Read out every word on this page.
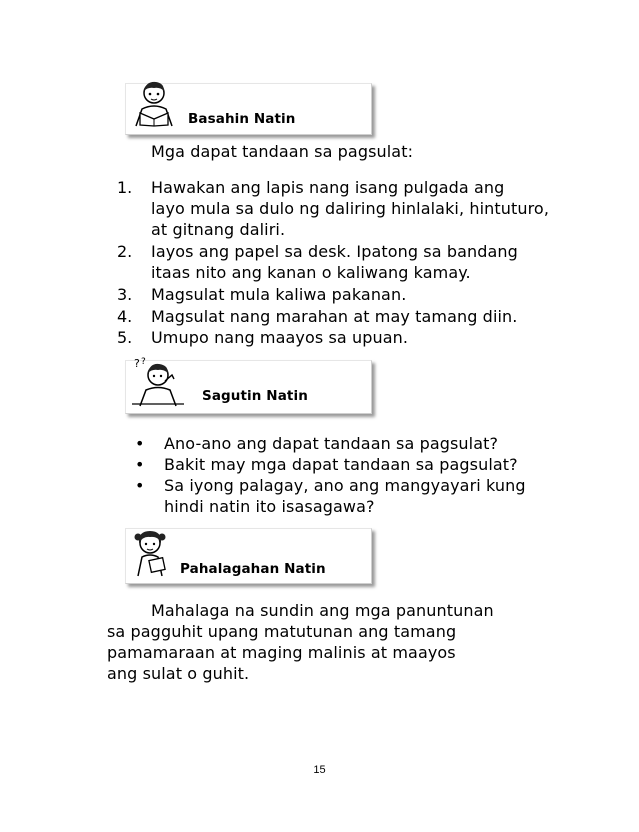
Basahin Natin
Mga dapat tandaan sa pagsulat:
1. Hawakan ang lapis nang isang pulgada ang
layo mula sa dulo ng daliring hinlalaki, hintuturo,
at gitnang daliri.
2. Iayos ang papel sa desk. Ipatong sa bandang
itaas nito ang kanan o kaliwang kamay.
3. Magsulat mula kaliwa pakanan.
4. Magsulat nang marahan at may tamang diin.
5. Umupo nang maayos sa upuan.
? ?
Sagutin Natin
• Ano-ano ang dapat tandaan sa pagsulat?
• Bakit may mga dapat tandaan sa pagsulat?
• Sa iyong palagay, ano ang mangyayari kung
hindi natin ito isasagawa?
Pahalagahan Natin
Mahalaga na sundin ang mga panuntunan
sa pagguhit upang matutunan ang tamang
pamamaraan at maging malinis at maayos
ang sulat o guhit.
15
